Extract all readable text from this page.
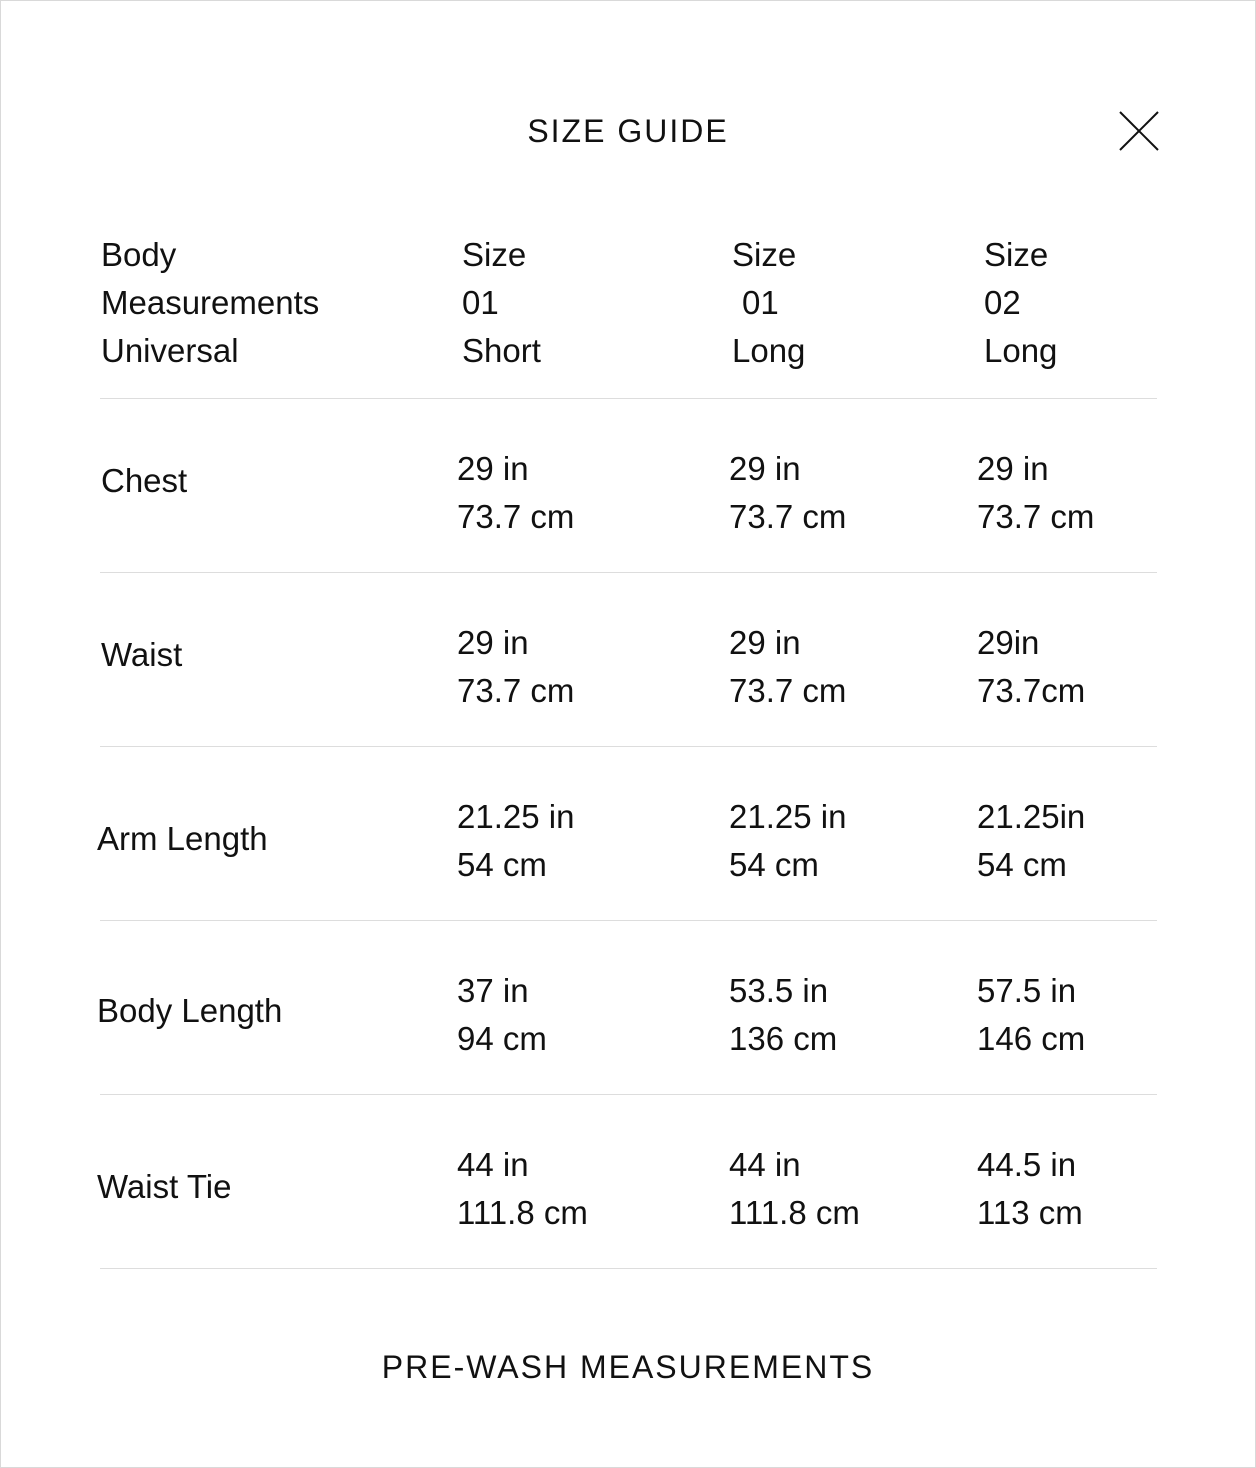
SIZE GUIDE
Body
Measurements
Universal
Size
01
Short
Size
01
Long
Size
02
Long
Chest	29 in
73.7 cm
29 in
73.7 cm
29 in
73.7 cm
Waist	29 in
73.7 cm
29 in
73.7 cm
29in
73.7cm
Arm Length
21.25 in
54 cm
21.25 in
54 cm
21.25in
54 cm
Body Length
37 in
94 cm
53.5 in
136 cm
57.5 in
146 cm
Waist Tie
44 in
111.8 cm
44 in
111.8 cm
44.5 in
113 cm
PRE-WASH MEASUREMENTS
